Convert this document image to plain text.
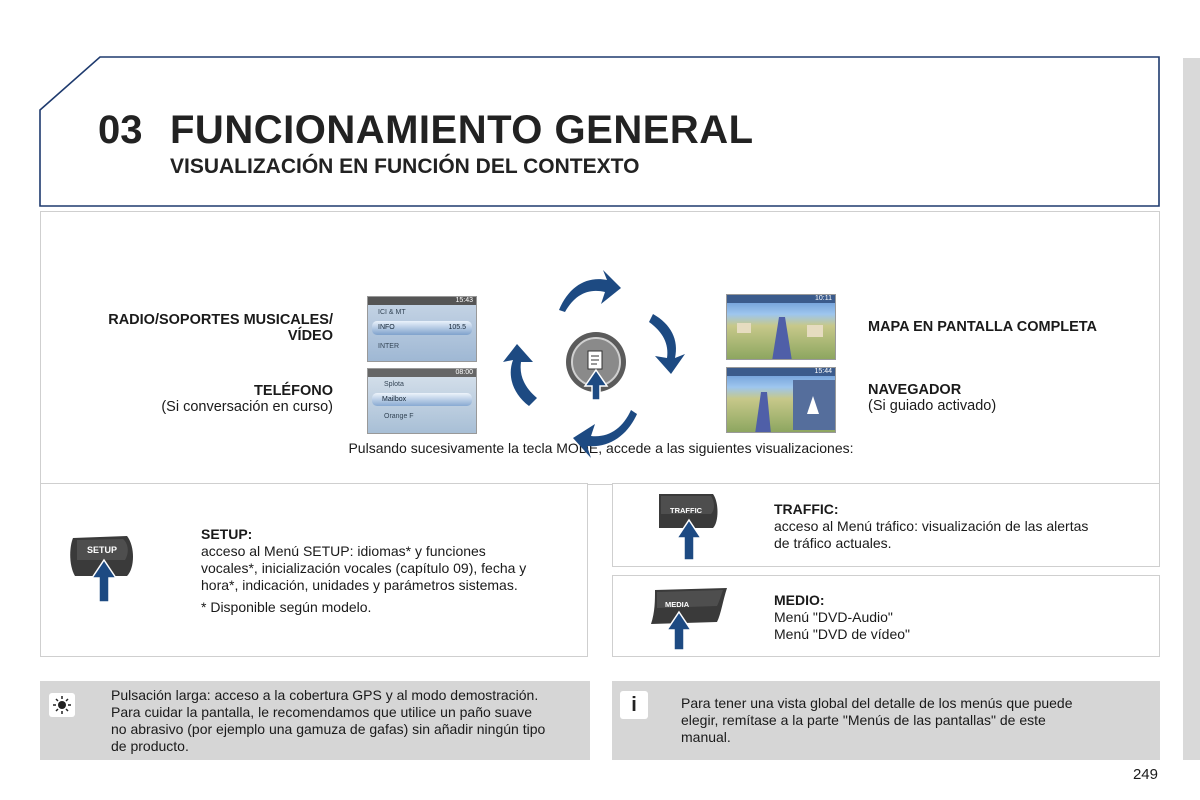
03 FUNCIONAMIENTO GENERAL
VISUALIZACIÓN EN FUNCIÓN DEL CONTEXTO
Pulsando sucesivamente la tecla MODE, accede a las siguientes visualizaciones:
RADIO/SOPORTES MUSICALES/
VÍDEO
TELÉFONO
(Si conversación en curso)
15:43
ICI & MT
INFO	105.5
INTER
08:00
Splota
Mailbox
Orange F
10:11
15:44
MAPA EN PANTALLA COMPLETA
NAVEGADOR
(Si guiado activado)
SETUP
SETUP:
acceso al Menú SETUP: idiomas* y funciones
vocales*, inicialización vocales (capítulo 09), fecha y
hora*, indicación, unidades y parámetros sistemas.
* Disponible según modelo.
TRAFFIC	TRAFFIC:
acceso al Menú tráfico: visualización de las alertas
de tráfico actuales.
MEDIA	MEDIO:
Menú "DVD-Audio"
Menú "DVD de vídeo"
Pulsación larga: acceso a la cobertura GPS y al modo demostración.
Para cuidar la pantalla, le recomendamos que utilice un paño suave
no abrasivo (por ejemplo una gamuza de gafas) sin añadir ningún tipo
de producto.
i	Para tener una vista global del detalle de los menús que puede
elegir, remítase a la parte "Menús de las pantallas" de este
manual.
249
